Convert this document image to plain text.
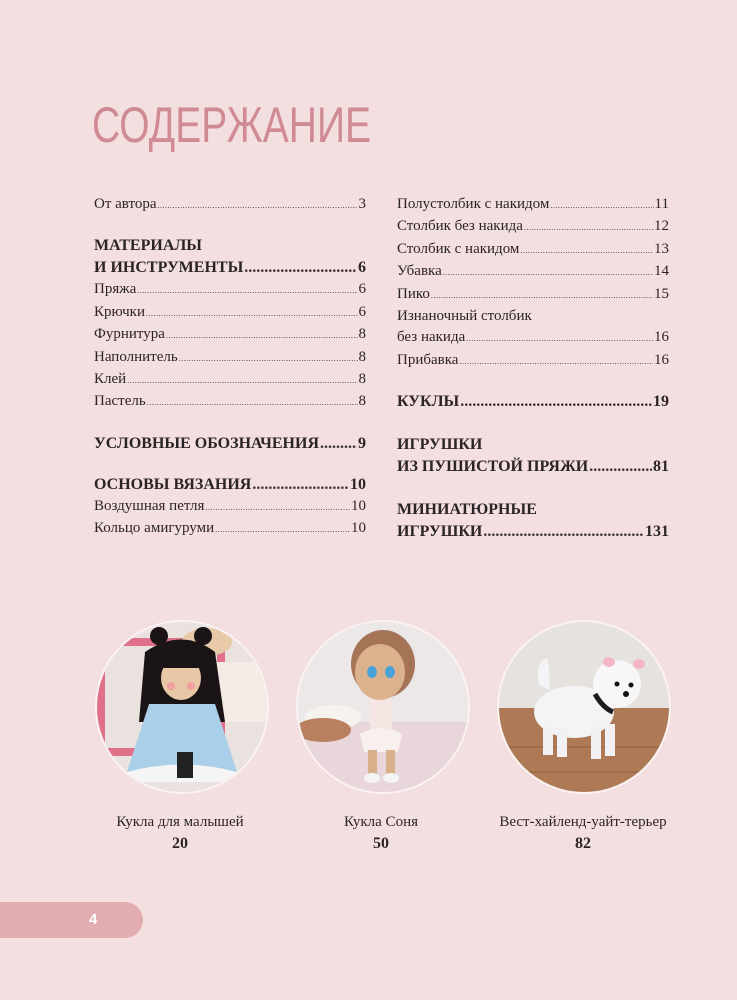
СОДЕРЖАНИЕ
От автора .....	3
МАТЕРИАЛЫ
И ИНСТРУМЕНТЫ .....	6
Пряжа .....	6
Крючки .....	6
Фурнитура .....	8
Наполнитель .....	8
Клей .....	8
Пастель .....	8
УСЛОВНЫЕ ОБОЗНАЧЕНИЯ ..... 9
ОСНОВЫ ВЯЗАНИЯ .....	10
Воздушная петля .....	10
Кольцо амигуруми .....	10
Полустолбик с накидом .....	11
Столбик без накида .....	12
Столбик с накидом .....	13
Убавка .....	14
Пико .....	15
Изнаночный столбик
без накида .....	16
Прибавка .....	16
КУКЛЫ .....	19
ИГРУШКИ
ИЗ ПУШИСТОЙ ПРЯЖИ .....	81
МИНИАТЮРНЫЕ
ИГРУШКИ .....	131
Кукла для малышей
20
Кукла Соня
50
Вест-хайленд-уайт-терьер
82
4
